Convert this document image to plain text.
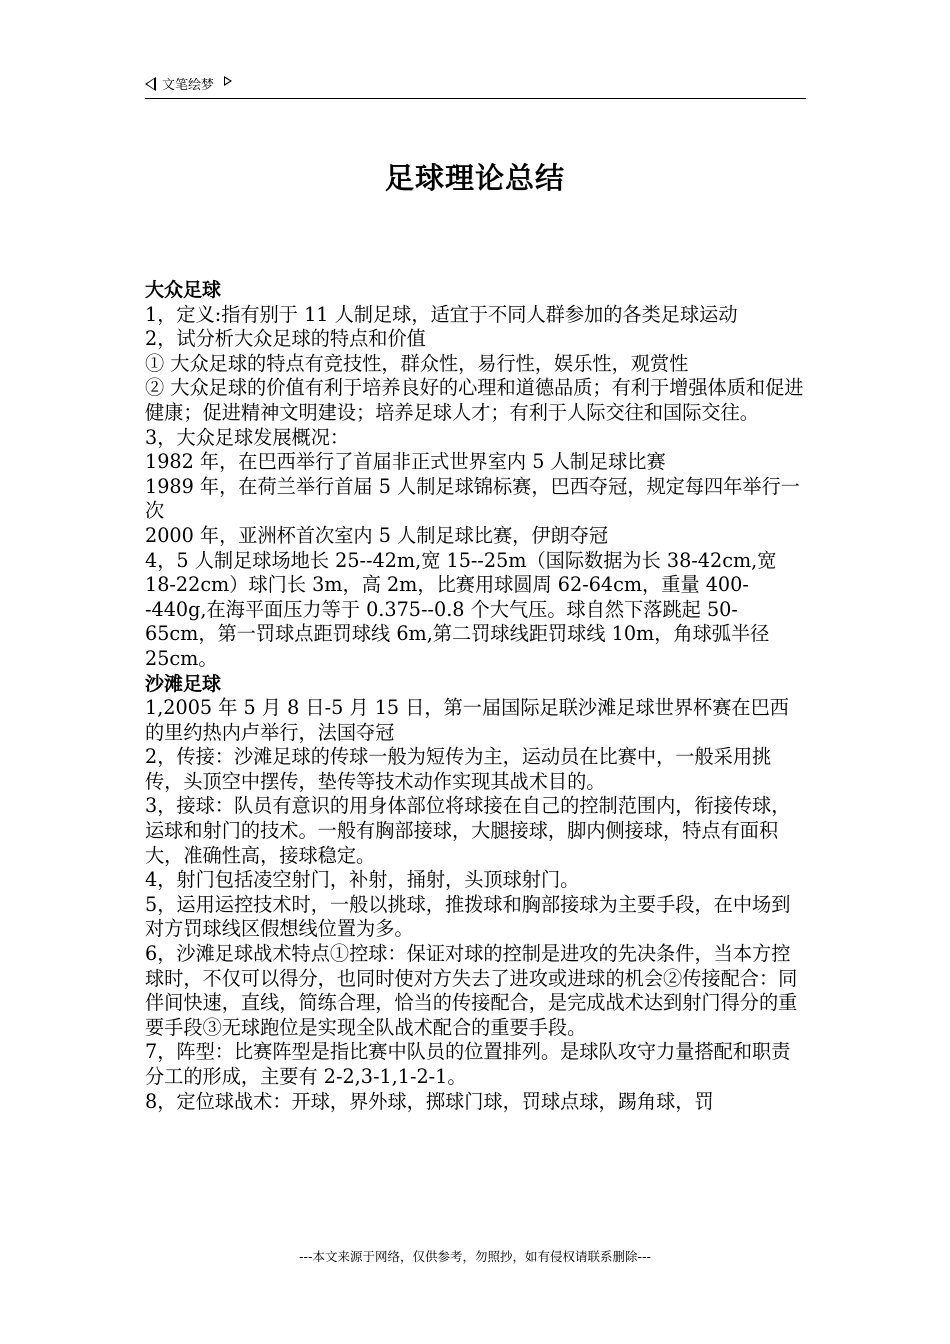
文笔绘梦
足球理论总结

大众足球

1，定义:指有别于 11 人制足球，适宜于不同人群参加的各类足球运动

2，试分析大众足球的特点和价值

① 大众足球的特点有竞技性，群众性，易行性，娱乐性，观赏性

② 大众足球的价值有利于培养良好的心理和道德品质；有利于增强体质和促进健康；促进精神文明建设；培养足球人才；有利于人际交往和国际交往。

3，大众足球发展概况：

1982 年，在巴西举行了首届非正式世界室内 5 人制足球比赛

1989 年，在荷兰举行首届 5 人制足球锦标赛，巴西夺冠，规定每四年举行一次

2000 年，亚洲杯首次室内 5 人制足球比赛，伊朗夺冠

4，5 人制足球场地长 25--42m,宽 15--25m（国际数据为长 38-42cm,宽 18-22cm）球门长 3m，高 2m，比赛用球圆周 62-64cm，重量 400--440g,在海平面压力等于 0.375--0.8 个大气压。球自然下落跳起 50-65cm，第一罚球点距罚球线 6m,第二罚球线距罚球线 10m，角球弧半径 25cm。

沙滩足球

1,2005 年 5 月 8 日-5 月 15 日，第一届国际足联沙滩足球世界杯赛在巴西的里约热内卢举行，法国夺冠

2，传接：沙滩足球的传球一般为短传为主，运动员在比赛中，一般采用挑传，头顶空中摆传，垫传等技术动作实现其战术目的。

3，接球：队员有意识的用身体部位将球接在自己的控制范围内，衔接传球，运球和射门的技术。一般有胸部接球，大腿接球，脚内侧接球，特点有面积大，准确性高，接球稳定。

4，射门包括凌空射门，补射，捅射，头顶球射门。

5，运用运控技术时，一般以挑球，推拨球和胸部接球为主要手段，在中场到对方罚球线区假想线位置为多。

6，沙滩足球战术特点①控球：保证对球的控制是进攻的先决条件，当本方控球时，不仅可以得分，也同时使对方失去了进攻或进球的机会②传接配合：同伴间快速，直线，简练合理，恰当的传接配合，是完成战术达到射门得分的重要手段③无球跑位是实现全队战术配合的重要手段。

7，阵型：比赛阵型是指比赛中队员的位置排列。是球队攻守力量搭配和职责分工的形成，主要有 2-2,3-1,1-2-1。

8，定位球战术：开球，界外球，掷球门球，罚球点球，踢角球，罚

---本文来源于网络，仅供参考，勿照抄，如有侵权请联系删除---
